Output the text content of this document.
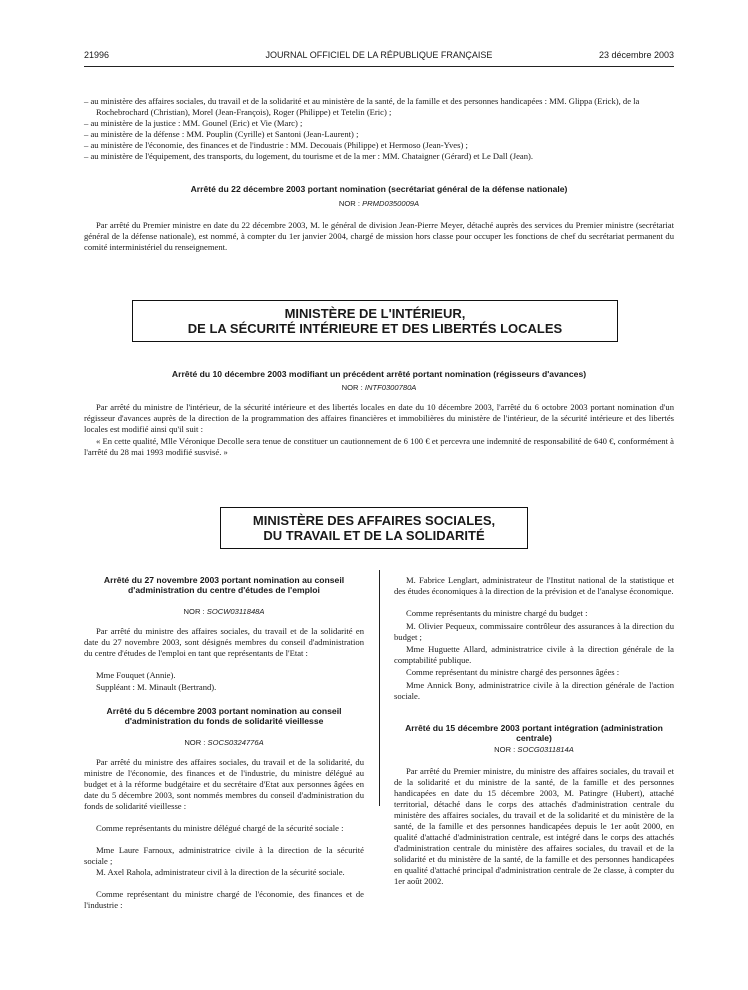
21996	JOURNAL OFFICIEL DE LA RÉPUBLIQUE FRANÇAISE	23 décembre 2003
– au ministère des affaires sociales, du travail et de la solidarité et au ministère de la santé, de la famille et des personnes handicapées : MM. Glippa (Erick), de la Rochebrochard (Christian), Morel (Jean-François), Roger (Philippe) et Tetelin (Eric) ;
– au ministère de la justice : MM. Gounel (Eric) et Vie (Marc) ;
– au ministère de la défense : MM. Pouplin (Cyrille) et Santoni (Jean-Laurent) ;
– au ministère de l'économie, des finances et de l'industrie : MM. Decouais (Philippe) et Hermoso (Jean-Yves) ;
– au ministère de l'équipement, des transports, du logement, du tourisme et de la mer : MM. Chataigner (Gérard) et Le Dall (Jean).

Arrêté du 22 décembre 2003 portant nomination (secrétariat général de la défense nationale)

NOR : PRMD0350009A

Par arrêté du Premier ministre en date du 22 décembre 2003, M. le général de division Jean-Pierre Meyer, détaché auprès des services du Premier ministre (secrétariat général de la défense nationale), est nommé, à compter du 1er janvier 2004, chargé de mission hors classe pour occuper les fonctions de chef du secrétariat permanent du comité interministériel du renseignement.

MINISTÈRE DE L'INTÉRIEUR,
DE LA SÉCURITÉ INTÉRIEURE ET DES LIBERTÉS LOCALES

Arrêté du 10 décembre 2003 modifiant un précédent arrêté portant nomination (régisseurs d'avances)

NOR : INTF0300780A

Par arrêté du ministre de l'intérieur, de la sécurité intérieure et des libertés locales en date du 10 décembre 2003, l'arrêté du 6 octobre 2003 portant nomination d'un régisseur d'avances auprès de la direction de la programmation des affaires financières et immobilières du ministère de l'intérieur, de la sécurité intérieure et des libertés locales est modifié ainsi qu'il suit :

« En cette qualité, Mlle Véronique Decolle sera tenue de constituer un cautionnement de 6 100 € et percevra une indemnité de responsabilité de 640 €, conformément à l'arrêté du 28 mai 1993 modifié susvisé. »

MINISTÈRE DES AFFAIRES SOCIALES,
DU TRAVAIL ET DE LA SOLIDARITÉ

Arrêté du 27 novembre 2003 portant nomination au conseil d'administration du centre d'études de l'emploi

NOR : SOCW0311848A

Par arrêté du ministre des affaires sociales, du travail et de la solidarité en date du 27 novembre 2003, sont désignés membres du conseil d'administration du centre d'études de l'emploi en tant que représentants de l'Etat :

Mme Fouquet (Annie).

Suppléant : M. Minault (Bertrand).

Arrêté du 5 décembre 2003 portant nomination au conseil d'administration du fonds de solidarité vieillesse

NOR : SOCS0324776A

Par arrêté du ministre des affaires sociales, du travail et de la solidarité, du ministre de l'économie, des finances et de l'industrie, du ministre délégué au budget et à la réforme budgétaire et du secrétaire d'Etat aux personnes âgées en date du 5 décembre 2003, sont nommés membres du conseil d'administration du fonds de solidarité vieillesse :

Comme représentants du ministre délégué chargé de la sécurité sociale :

Mme Laure Farnoux, administratrice civile à la direction de la sécurité sociale ;

M. Axel Rahola, administrateur civil à la direction de la sécurité sociale.

Comme représentant du ministre chargé de l'économie, des finances et de l'industrie :

M. Fabrice Lenglart, administrateur de l'Institut national de la statistique et des études économiques à la direction de la prévision et de l'analyse économique.

Comme représentants du ministre chargé du budget :

M. Olivier Pequeux, commissaire contrôleur des assurances à la direction du budget ;

Mme Huguette Allard, administratrice civile à la direction générale de la comptabilité publique.

Comme représentant du ministre chargé des personnes âgées :

Mme Annick Bony, administratrice civile à la direction générale de l'action sociale.

Arrêté du 15 décembre 2003 portant intégration (administration centrale)

NOR : SOCG0311814A

Par arrêté du Premier ministre, du ministre des affaires sociales, du travail et de la solidarité et du ministre de la santé, de la famille et des personnes handicapées en date du 15 décembre 2003, M. Patingre (Hubert), attaché territorial, détaché dans le corps des attachés d'administration centrale du ministère des affaires sociales, du travail et de la solidarité et du ministère de la santé, de la famille et des personnes handicapées depuis le 1er août 2000, en qualité d'attaché d'administration centrale, est intégré dans le corps des attachés d'administration centrale du ministère des affaires sociales, du travail et de la solidarité et du ministère de la santé, de la famille et des personnes handicapées en qualité d'attaché principal d'administration centrale de 2e classe, à compter du 1er août 2002.
